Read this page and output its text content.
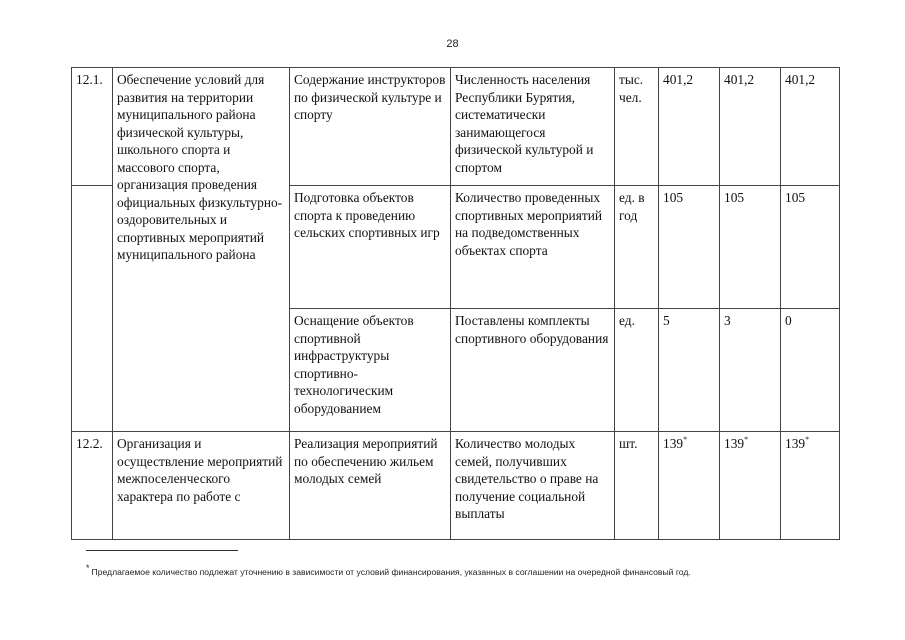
28
12.1.	Обеспечение условий для развития на территории муниципального района физической культуры, школьного спорта и массового спорта, организация проведения официальных физкультурно-оздоровительных и спортивных мероприятий муниципального района	Содержание инструкторов по физической культуре и спорту	Численность населения Республики Бурятия, систематически занимающегося физической культурой и спортом	тыс. чел.	401,2	401,2	401,2
		Подготовка объектов спорта к проведению сельских спортивных игр	Количество проведенных спортивных мероприятий на подведомственных объектах спорта	ед. в год	105	105	105
		Оснащение объектов спортивной инфраструктуры спортивно-технологическим оборудованием	Поставлены комплекты спортивного оборудования	ед.	5	3	0
12.2.	Организация и осуществление мероприятий межпоселенческого характера по работе с	Реализация мероприятий по обеспечению жильем молодых семей	Количество молодых семей, получивших свидетельство о праве на получение социальной выплаты	шт.	139*	139*	139*
* Предлагаемое количество подлежат уточнению в зависимости от условий финансирования, указанных в соглашении на очередной финансовый год.
